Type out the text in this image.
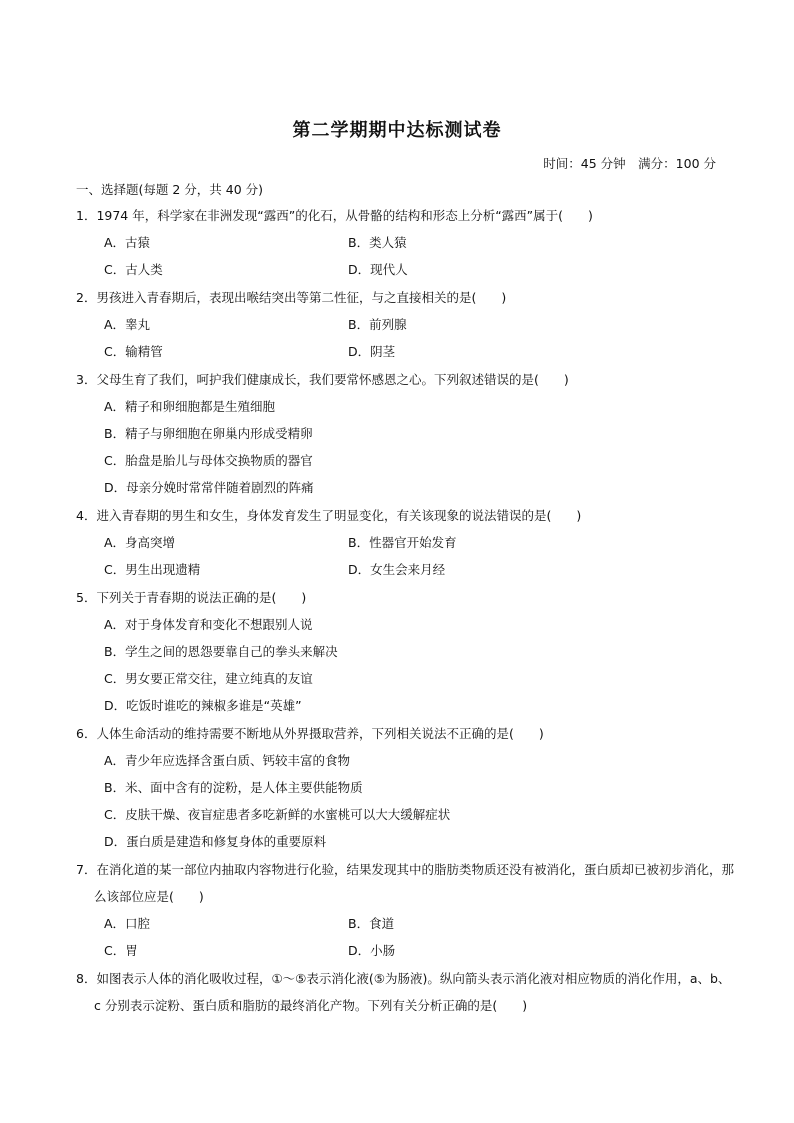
第二学期期中达标测试卷
时间：45 分钟　满分：100 分
一、选择题(每题 2 分，共 40 分)
1．1974 年，科学家在非洲发现“露西”的化石，从骨骼的结构和形态上分析“露西”属于(　　)
A．古猿	B．类人猿
C．古人类	D．现代人
2．男孩进入青春期后，表现出喉结突出等第二性征，与之直接相关的是(　　)
A．睾丸	B．前列腺
C．输精管	D．阴茎
3．父母生育了我们，呵护我们健康成长，我们要常怀感恩之心。下列叙述错误的是(　　)
A．精子和卵细胞都是生殖细胞
B．精子与卵细胞在卵巢内形成受精卵
C．胎盘是胎儿与母体交换物质的器官
D．母亲分娩时常常伴随着剧烈的阵痛
4．进入青春期的男生和女生，身体发育发生了明显变化，有关该现象的说法错误的是(　　)
A．身高突增	B．性器官开始发育
C．男生出现遗精	D．女生会来月经
5．下列关于青春期的说法正确的是(　　)
A．对于身体发育和变化不想跟别人说
B．学生之间的恩怨要靠自己的拳头来解决
C．男女要正常交往，建立纯真的友谊
D．吃饭时谁吃的辣椒多谁是“英雄”
6．人体生命活动的维持需要不断地从外界摄取营养，下列相关说法不正确的是(　　)
A．青少年应选择含蛋白质、钙较丰富的食物
B．米、面中含有的淀粉，是人体主要供能物质
C．皮肤干燥、夜盲症患者多吃新鲜的水蜜桃可以大大缓解症状
D．蛋白质是建造和修复身体的重要原料
7．在消化道的某一部位内抽取内容物进行化验，结果发现其中的脂肪类物质还没有被消化，蛋白质却已被初步消化，那么该部位应是(　　)
A．口腔	B．食道
C．胃	D．小肠
8．如图表示人体的消化吸收过程，①～⑤表示消化液(⑤为肠液)。纵向箭头表示消化液对相应物质的消化作用，a、b、c 分别表示淀粉、蛋白质和脂肪的最终消化产物。下列有关分析正确的是(　　)
